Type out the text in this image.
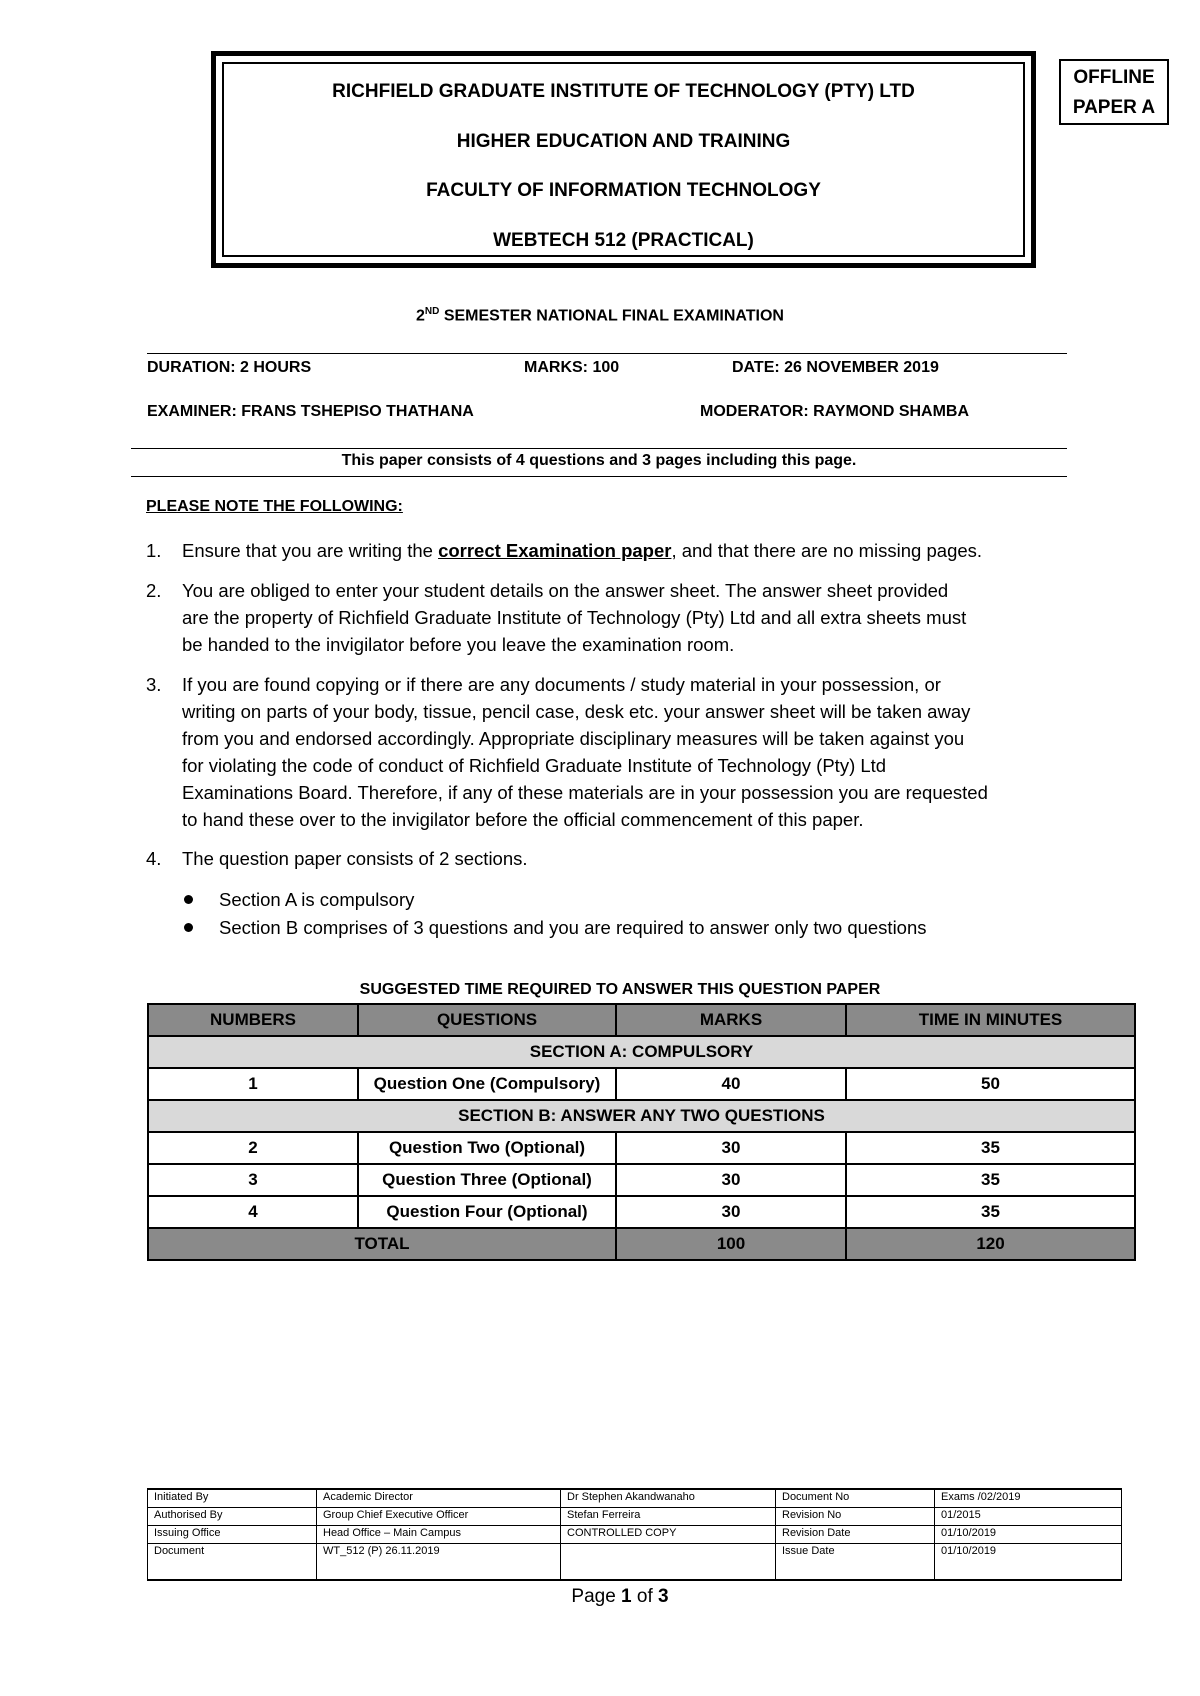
RICHFIELD GRADUATE INSTITUTE OF TECHNOLOGY (PTY) LTD
HIGHER EDUCATION AND TRAINING
FACULTY OF INFORMATION TECHNOLOGY
WEBTECH 512 (PRACTICAL)
OFFLINE
PAPER A
2ND SEMESTER NATIONAL FINAL EXAMINATION
DURATION: 2 HOURS	MARKS: 100	DATE: 26 NOVEMBER 2019
EXAMINER: FRANS TSHEPISO THATHANA	MODERATOR: RAYMOND SHAMBA
This paper consists of 4 questions and 3 pages including this page.
PLEASE NOTE THE FOLLOWING:
1. Ensure that you are writing the correct Examination paper, and that there are no missing pages.
2. You are obliged to enter your student details on the answer sheet. The answer sheet provided
are the property of Richfield Graduate Institute of Technology (Pty) Ltd and all extra sheets must
be handed to the invigilator before you leave the examination room.
3. If you are found copying or if there are any documents / study material in your possession, or
writing on parts of your body, tissue, pencil case, desk etc. your answer sheet will be taken away
from you and endorsed accordingly. Appropriate disciplinary measures will be taken against you
for violating the code of conduct of Richfield Graduate Institute of Technology (Pty) Ltd
Examinations Board. Therefore, if any of these materials are in your possession you are requested
to hand these over to the invigilator before the official commencement of this paper.
4. The question paper consists of 2 sections.
Section A is compulsory
Section B comprises of 3 questions and you are required to answer only two questions
SUGGESTED TIME REQUIRED TO ANSWER THIS QUESTION PAPER
NUMBERS	QUESTIONS	MARKS	TIME IN MINUTES
SECTION A: COMPULSORY			
1	Question One (Compulsory)	40	50
SECTION B: ANSWER ANY TWO QUESTIONS			
2	Question Two (Optional)	30	35
3	Question Three (Optional)	30	35
4	Question Four (Optional)	30	35
TOTAL		100	120
Initiated By	Academic Director	Dr Stephen Akandwanaho	Document No	Exams /02/2019
Authorised By	Group Chief Executive Officer	Stefan Ferreira	Revision No	01/2015
Issuing Office	Head Office – Main Campus	CONTROLLED COPY	Revision Date	01/10/2019
Document	WT_512 (P) 26.11.2019		Issue Date	01/10/2019
Page 1 of 3
